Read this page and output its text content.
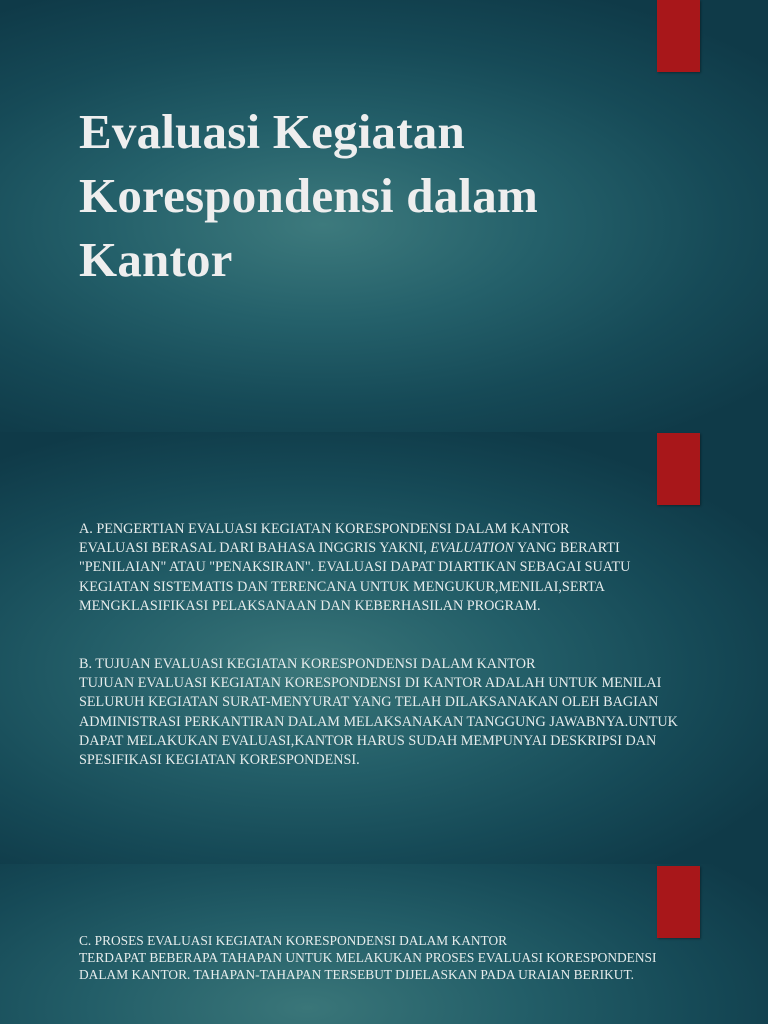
Evaluasi Kegiatan Korespondensi dalam Kantor

A. PENGERTIAN EVALUASI KEGIATAN KORESPONDENSI DALAM KANTOR

EVALUASI BERASAL DARI BAHASA INGGRIS YAKNI, EVALUATION YANG BERARTI "PENILAIAN" ATAU "PENAKSIRAN". EVALUASI DAPAT DIARTIKAN SEBAGAI SUATU KEGIATAN SISTEMATIS DAN TERENCANA UNTUK MENGUKUR,MENILAI,SERTA MENGKLASIFIKASI PELAKSANAAN DAN KEBERHASILAN PROGRAM.

B. TUJUAN EVALUASI KEGIATAN KORESPONDENSI DALAM KANTOR

TUJUAN EVALUASI KEGIATAN KORESPONDENSI DI KANTOR ADALAH UNTUK MENILAI SELURUH KEGIATAN SURAT-MENYURAT YANG TELAH DILAKSANAKAN OLEH BAGIAN ADMINISTRASI PERKANTIRAN DALAM MELAKSANAKAN TANGGUNG JAWABNYA.UNTUK DAPAT MELAKUKAN EVALUASI,KANTOR HARUS SUDAH MEMPUNYAI DESKRIPSI DAN SPESIFIKASI KEGIATAN KORESPONDENSI.

C. PROSES EVALUASI KEGIATAN KORESPONDENSI DALAM KANTOR

TERDAPAT BEBERAPA TAHAPAN UNTUK MELAKUKAN PROSES EVALUASI KORESPONDENSI DALAM KANTOR. TAHAPAN-TAHAPAN TERSEBUT DIJELASKAN PADA URAIAN BERIKUT.
